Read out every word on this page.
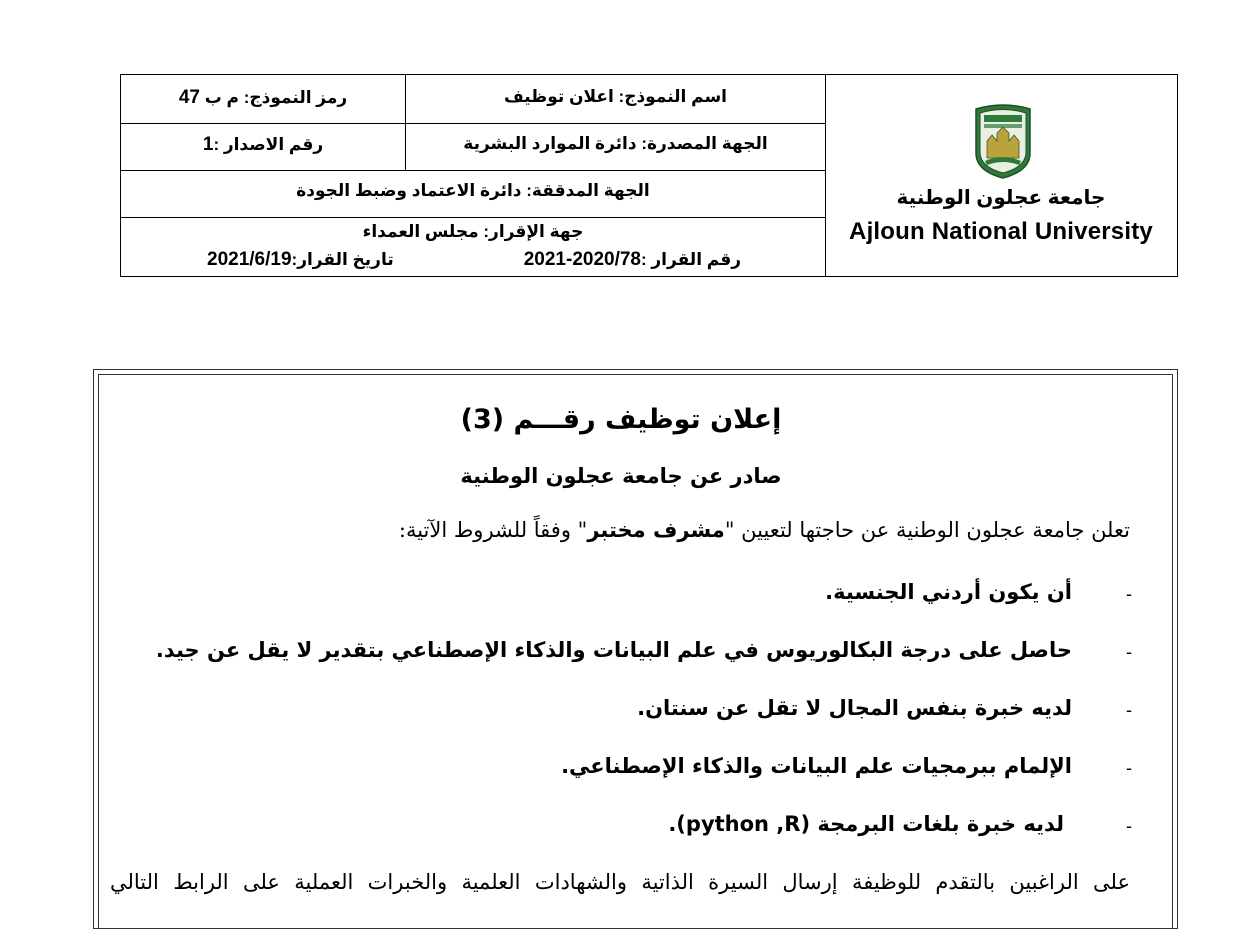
جامعة عجلون الوطنية
Ajloun National University
اسم النموذج: اعلان توظيف
رمز النموذج: م ب 47
الجهة المصدرة: دائرة الموارد البشرية
رقم الاصدار :1
الجهة المدققة: دائرة الاعتماد وضبط الجودة
جهة الإقرار: مجلس العمداء
رقم القرار :2021-2020/78
تاريخ القرار:2021/6/19
إعلان توظيف رقـــم (3)
صادر عن جامعة عجلون الوطنية
تعلن جامعة عجلون الوطنية عن حاجتها لتعيين "مشرف مختبر" وفقاً للشروط الآتية:
-
أن يكون أردني الجنسية.
-
حاصل على درجة البكالوريوس في علم البيانات والذكاء الإصطناعي بتقدير لا يقل عن جيد.
-
لديه خبرة بنفس المجال لا تقل عن سنتان.
-
الإلمام ببرمجيات علم البيانات والذكاء الإصطناعي.
-
لديه خبرة بلغات البرمجة (python ,R).
على الراغبين بالتقدم للوظيفة إرسال السيرة الذاتية والشهادات العلمية والخبرات العملية على الرابط التالي
